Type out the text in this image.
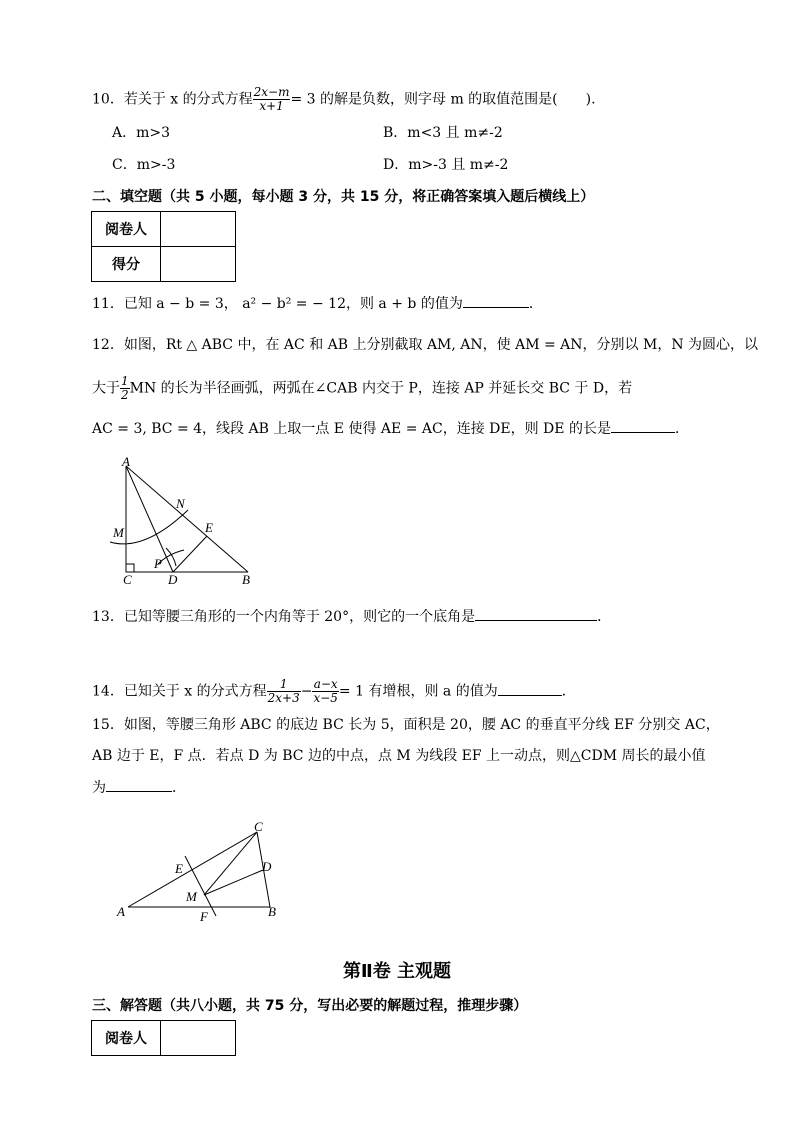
10．若关于 x 的分式方程 $\frac{2x-m}{x+1} = 3$ 的解是负数，则字母 m 的取值范围是(　　).
A．m>3	B．m<3 且 m≠-2
C．m>-3	D．m>-3 且 m≠-2
二、填空题（共 5 小题，每小题 3 分，共 15 分，将正确答案填入题后横线上）
阅卷人	
得分	
11．已知 a − b = 3， a² − b² = − 12，则 a + b 的值为	．
12．如图，Rt △ ABC 中，在 AC 和 AB 上分别截取 AM, AN，使 AM = AN，分别以 M，N 为圆心，以
大于 $\frac{1}{2}$ MN 的长为半径画弧，两弧在∠CAB 内交于 P，连接 AP 并延长交 BC 于 D，若
AC = 3, BC = 4，线段 AB 上取一点 E 使得 AE = AC，连接 DE，则 DE 的长是	．
A
N
E
M
P
C	D	B
13．已知等腰三角形的一个内角等于 20°，则它的一个底角是	．
14．已知关于 x 的分式方程 $\frac{1}{2x+3} - \frac{a-x}{x-5} = 1$ 有增根，则 a 的值为	．
15．如图，等腰三角形 ABC 的底边 BC 长为 5，面积是 20，腰 AC 的垂直平分线 EF 分别交 AC，
AB 边于 E，F 点．若点 D 为 BC 边的中点，点 M 为线段 EF 上一动点，则△CDM 周长的最小值
为	．
C
E	D
M
A	F	B
第Ⅱ卷 主观题
三、解答题（共八小题，共 75 分，写出必要的解题过程，推理步骤）
阅卷人	
